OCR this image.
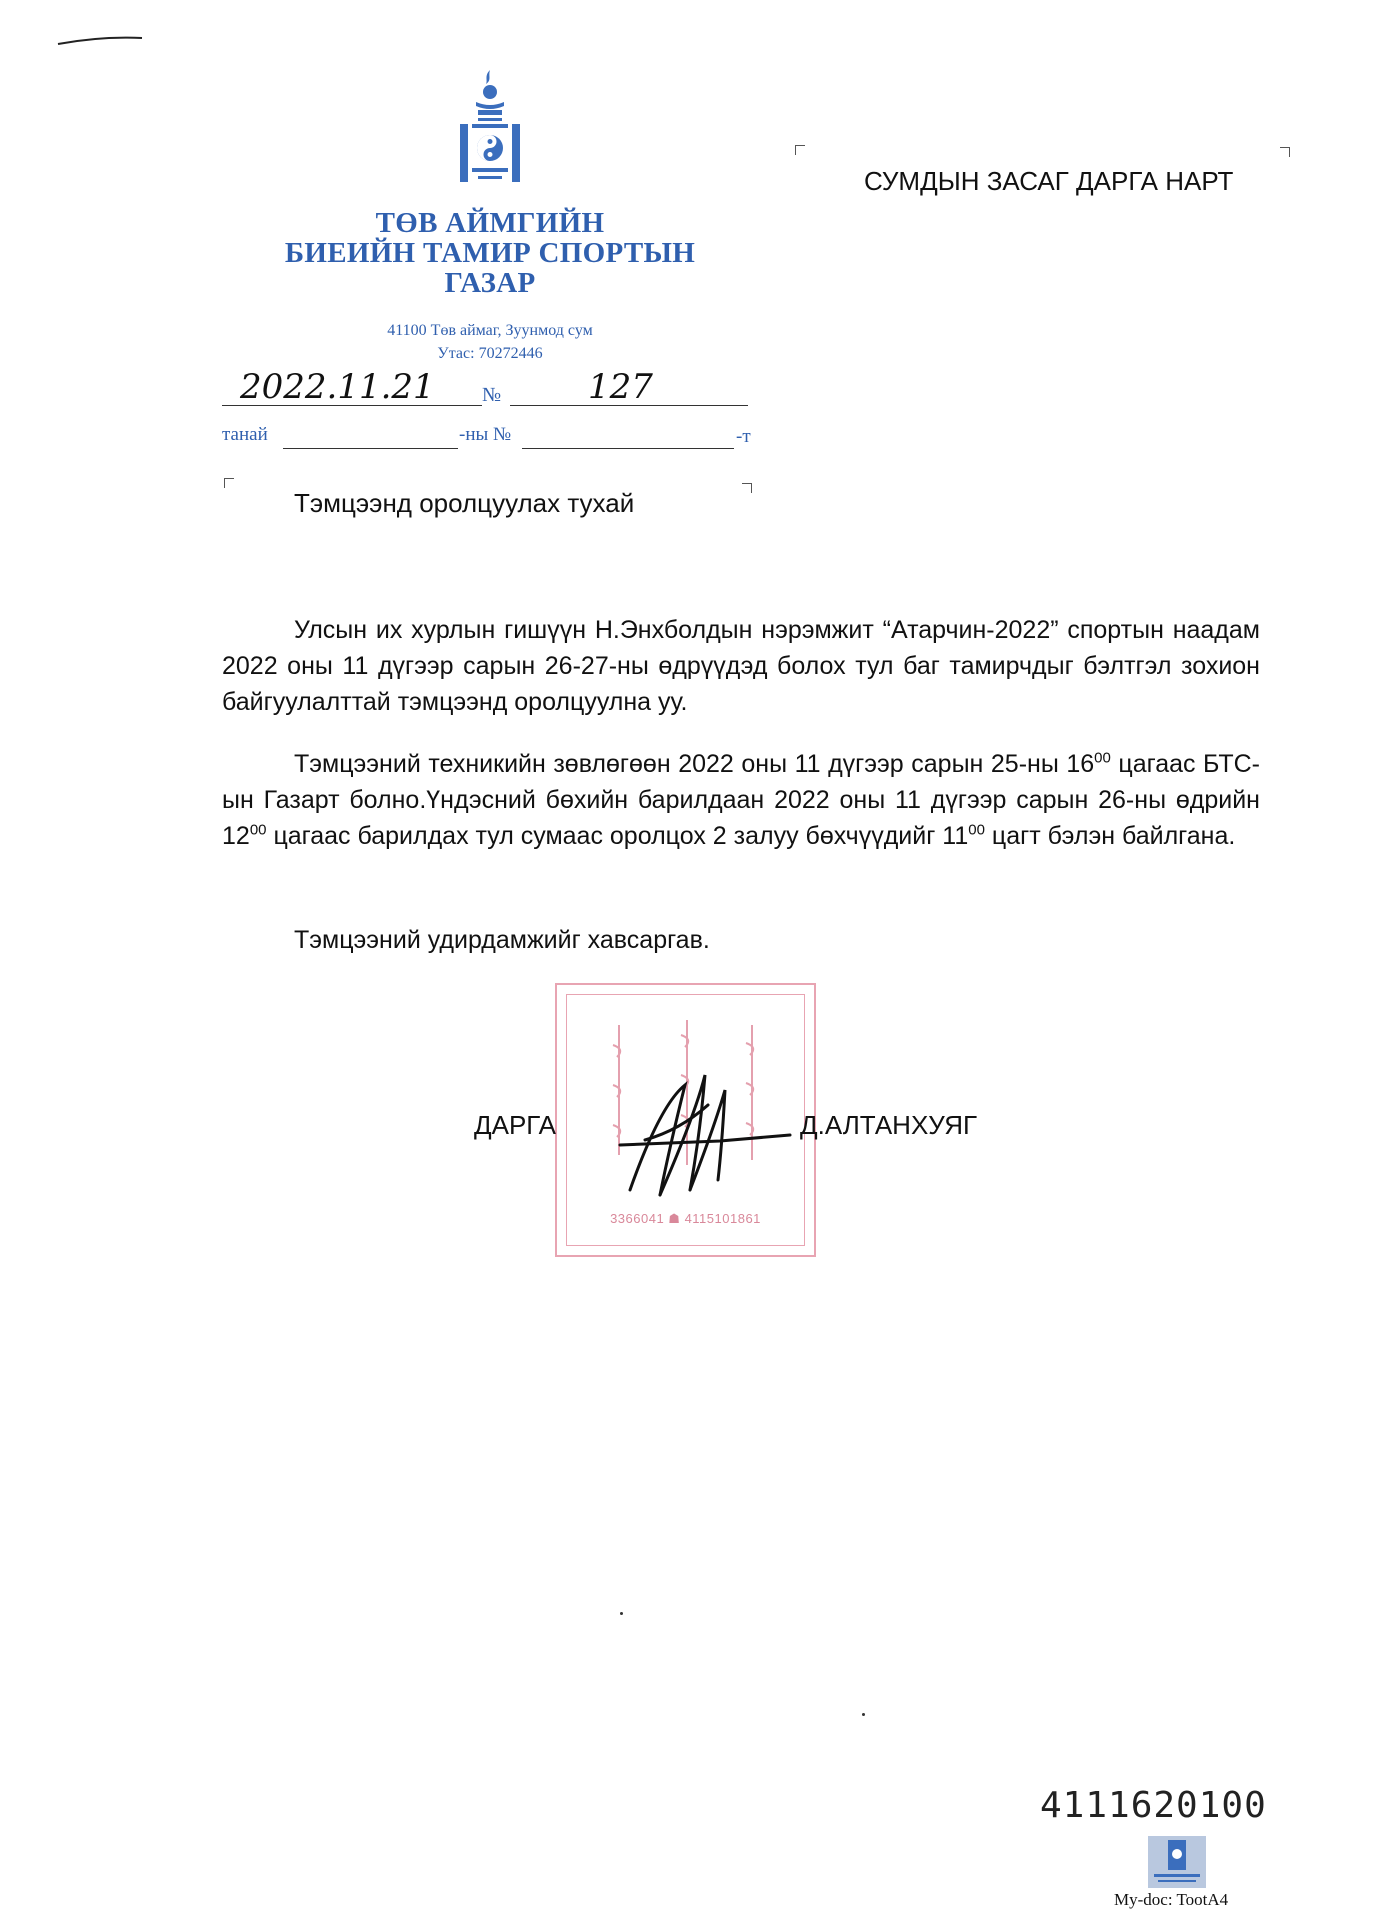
ТӨВ АЙМГИЙН
БИЕИЙН ТАМИР СПОРТЫН
ГАЗАР
41100 Төв аймаг, Зуунмод сум
Утас: 70272446
2022.11.21 №	127
танай	-ны №	-т
СУМДЫН ЗАСАГ ДАРГА НАРТ
Тэмцээнд оролцуулах тухай
Улсын их хурлын гишүүн Н.Энхболдын нэрэмжит “Атарчин-2022” спортын наадам 2022 оны 11 дүгээр сарын 26-27-ны өдрүүдэд болох тул баг тамирчдыг бэлтгэл зохион байгуулалттай тэмцээнд оролцуулна уу.
Тэмцээний техникийн зөвлөгөөн 2022 оны 11 дүгээр сарын 25-ны $16^{00}$ цагаас БТС-ын Газарт болно.Үндэсний бөхийн барилдаан 2022 оны 11 дүгээр сарын 26-ны өдрийн $12^{00}$ цагаас барилдах тул сумаас оролцох 2 залуу бөхчүүдийг $11^{00}$ цагт бэлэн байлгана.
Тэмцээний удирдамжийг хавсаргав.
3366041 ☗ 4115101861
ДАРГА	Д.АЛТАНХУЯГ
4111620100
My-doc: TootA4
